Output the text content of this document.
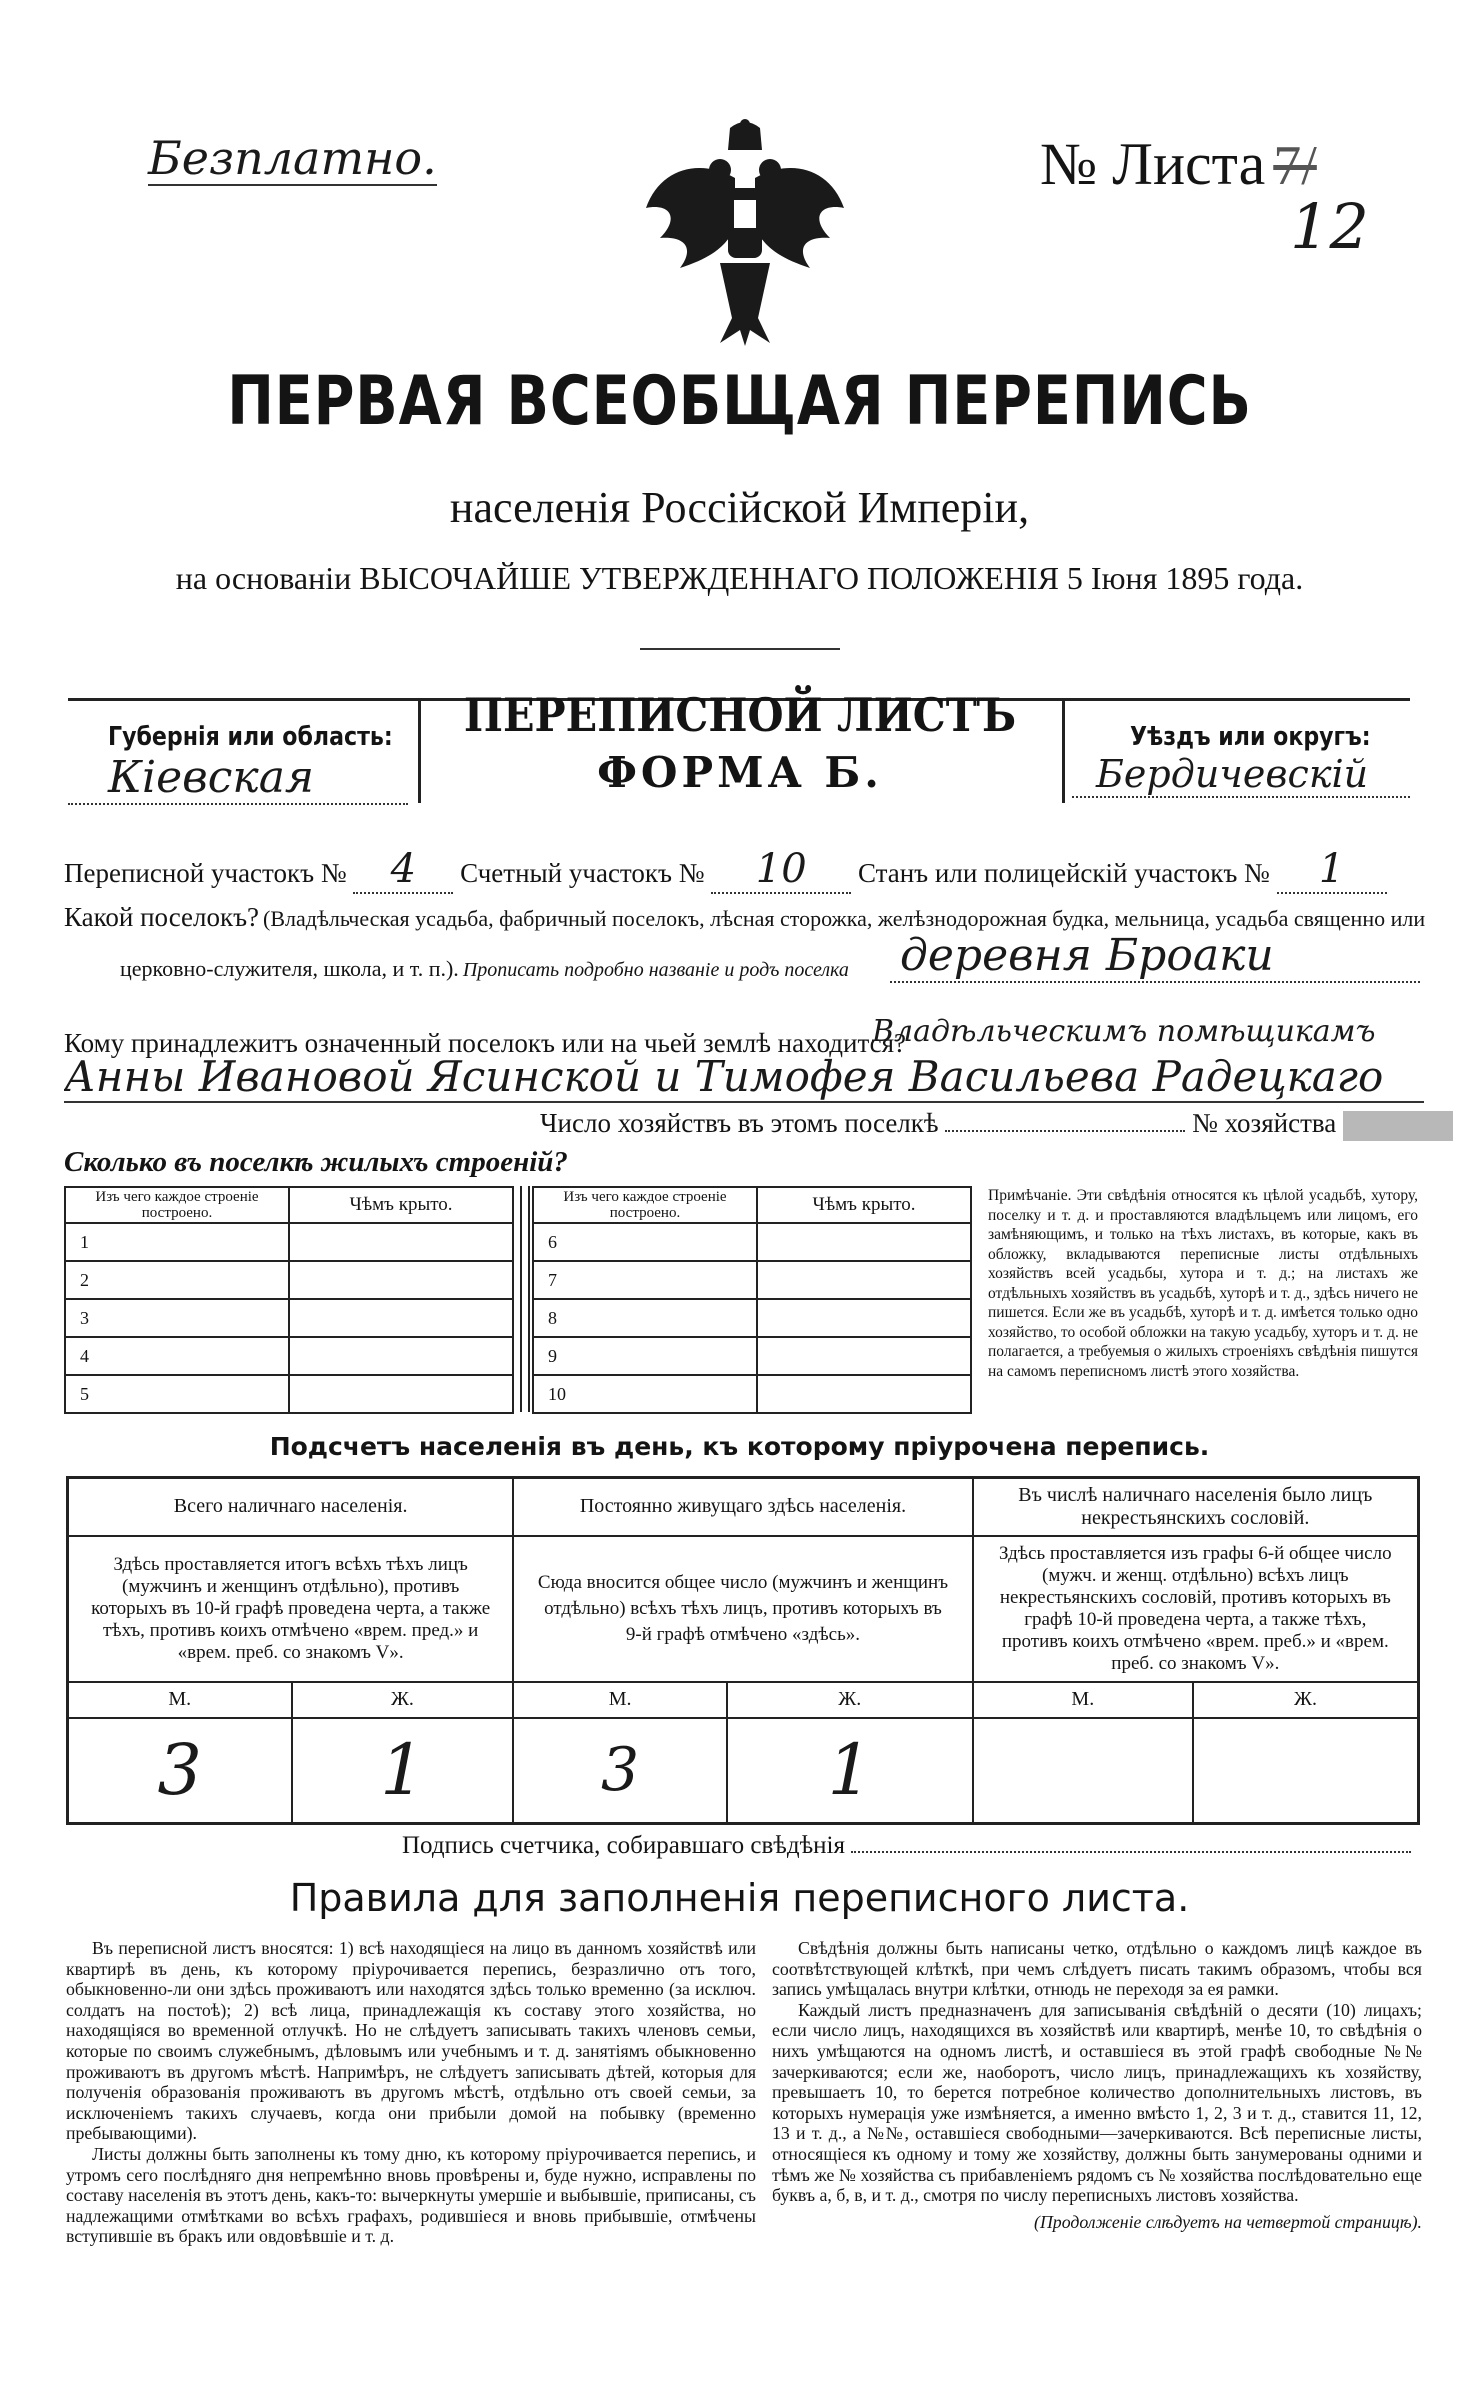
Безплатно.	№ Листа 7/
12
ПЕРВАЯ ВСЕОБЩАЯ ПЕРЕПИСЬ
населенія Россійской Имперіи,
на основаніи ВЫСОЧАЙШЕ УТВЕРЖДЕННАГО ПОЛОЖЕНІЯ 5 Іюня 1895 года.
Губернія или область:
Кіевская
ПЕРЕПИСНОЙ ЛИСТЪ
ФОРМА Б.
Уѣздъ или округъ:
Бердичевскій
Переписной участокъ № 4 Счетный участокъ № 10 Станъ или полицейскій участокъ № 1
Какой поселокъ? (Владѣльческая усадьба, фабричный поселокъ, лѣсная сторожка, желѣзнодорожная будка, мельница, усадьба священно или
церковно-служителя, школа, и т. п.). Прописать подробно названіе и родъ поселка деревня Броаки
Кому принадлежитъ означенный поселокъ или на чьей землѣ находится?
Владѣльческимъ помѣщикамъ
Анны Ивановой Ясинской и Тимофея Васильева Радецкаго
Число хозяйствъ въ этомъ поселкѣ	№ хозяйства
Сколько въ поселкѣ жилыхъ строеній?
Изъ чего каждое строеніе построено.	Чѣмъ крыто.
1	
2	
3	
4	
5	
Изъ чего каждое строеніе построено.	Чѣмъ крыто.
6	
7	
8	
9	
10	
Примѣчаніе. Эти свѣдѣнія относятся къ цѣлой усадьбѣ, хутору, поселку и т. д. и проставляются владѣльцемъ или лицомъ, его замѣняющимъ, и только на тѣхъ листахъ, въ которые, какъ въ обложку, вкладываются переписные листы отдѣльныхъ хозяйствъ всей усадьбы, хутора и т. д.; на листахъ же отдѣльныхъ хозяйствъ въ усадьбѣ, хуторѣ и т. д., здѣсь ничего не пишется. Если же въ усадьбѣ, хуторѣ и т. д. имѣется только одно хозяйство, то особой обложки на такую усадьбу, хуторъ и т. д. не полагается, а требуемыя о жилыхъ строеніяхъ свѣдѣнія пишутся на самомъ переписномъ листѣ этого хозяйства.
Подсчетъ населенія въ день, къ которому пріурочена перепись.
Всего наличнаго населенія.		Постоянно живущаго здѣсь населенія.		Въ числѣ наличнаго населенія было лицъ некрестьянскихъ сословій.	
Здѣсь проставляется итогъ всѣхъ тѣхъ лицъ (мужчинъ и женщинъ отдѣльно), противъ которыхъ въ 10-й графѣ проведена черта, а также тѣхъ, противъ коихъ отмѣчено «врем. пред.» и «врем. преб. со знакомъ V».		Сюда вносится общее число (мужчинъ и женщинъ отдѣльно) всѣхъ тѣхъ лицъ, противъ которыхъ въ 9-й графѣ отмѣчено «здѣсь».		Здѣсь проставляется изъ графы 6-й общее число (мужч. и женщ. отдѣльно) всѣхъ лицъ некрестьянскихъ сословій, противъ которыхъ въ графѣ 10-й проведена черта, а также тѣхъ, противъ коихъ отмѣчено «врем. преб.» и «врем. преб. со знакомъ V».	
М.	Ж.	М.	Ж.	М.	Ж.
3	1	3	1		
Подпись счетчика, собиравшаго свѣдѣнія
Правила для заполненія переписного листа.

Въ переписной листъ вносятся: 1) всѣ находящіеся на лицо въ данномъ хозяйствѣ или квартирѣ въ день, къ которому пріурочивается перепись, безразлично отъ того, обыкновенно-ли они здѣсь проживаютъ или находятся здѣсь только временно (за исключ. солдатъ на постоѣ); 2) всѣ лица, принадлежащія къ составу этого хозяйства, но находящіяся во временной отлучкѣ. Но не слѣдуетъ записывать такихъ членовъ семьи, которые по своимъ служебнымъ, дѣловымъ или учебнымъ и т. д. занятіямъ обыкновенно проживаютъ въ другомъ мѣстѣ. Напримѣръ, не слѣдуетъ записывать дѣтей, которыя для полученія образованія проживаютъ въ другомъ мѣстѣ, отдѣльно отъ своей семьи, за исключеніемъ такихъ случаевъ, когда они прибыли домой на побывку (временно пребывающими).

Листы должны быть заполнены къ тому дню, къ которому пріурочивается перепись, и утромъ сего послѣдняго дня непремѣнно вновь провѣрены и, буде нужно, исправлены по составу населенія въ этотъ день, какъ-то: вычеркнуты умершіе и выбывшіе, приписаны, съ надлежащими отмѣтками во всѣхъ графахъ, родившіеся и вновь прибывшіе, отмѣчены вступившіе въ бракъ или овдовѣвшіе и т. д.

Свѣдѣнія должны быть написаны четко, отдѣльно о каждомъ лицѣ каждое въ соотвѣтствующей клѣткѣ, при чемъ слѣдуетъ писать такимъ образомъ, чтобы вся запись умѣщалась внутри клѣтки, отнюдь не переходя за ея рамки.

Каждый листъ предназначенъ для записыванія свѣдѣній о десяти (10) лицахъ; если число лицъ, находящихся въ хозяйствѣ или квартирѣ, менѣе 10, то свѣдѣнія о нихъ умѣщаются на одномъ листѣ, и оставшіеся въ этой графѣ свободные №№ зачеркиваются; если же, наоборотъ, число лицъ, принадлежащихъ къ хозяйству, превышаетъ 10, то берется потребное количество дополнительныхъ листовъ, въ которыхъ нумерація уже измѣняется, а именно вмѣсто 1, 2, 3 и т. д., ставится 11, 12, 13 и т. д., а №№, оставшіеся свободными—зачеркиваются. Всѣ переписные листы, относящіеся къ одному и тому же хозяйству, должны быть занумерованы одними и тѣмъ же № хозяйства съ прибавленіемъ рядомъ съ № хозяйства послѣдовательно еще буквъ а, б, в, и т. д., смотря по числу переписныхъ листовъ хозяйства.

(Продолженіе слѣдуетъ на четвертой страницѣ).
